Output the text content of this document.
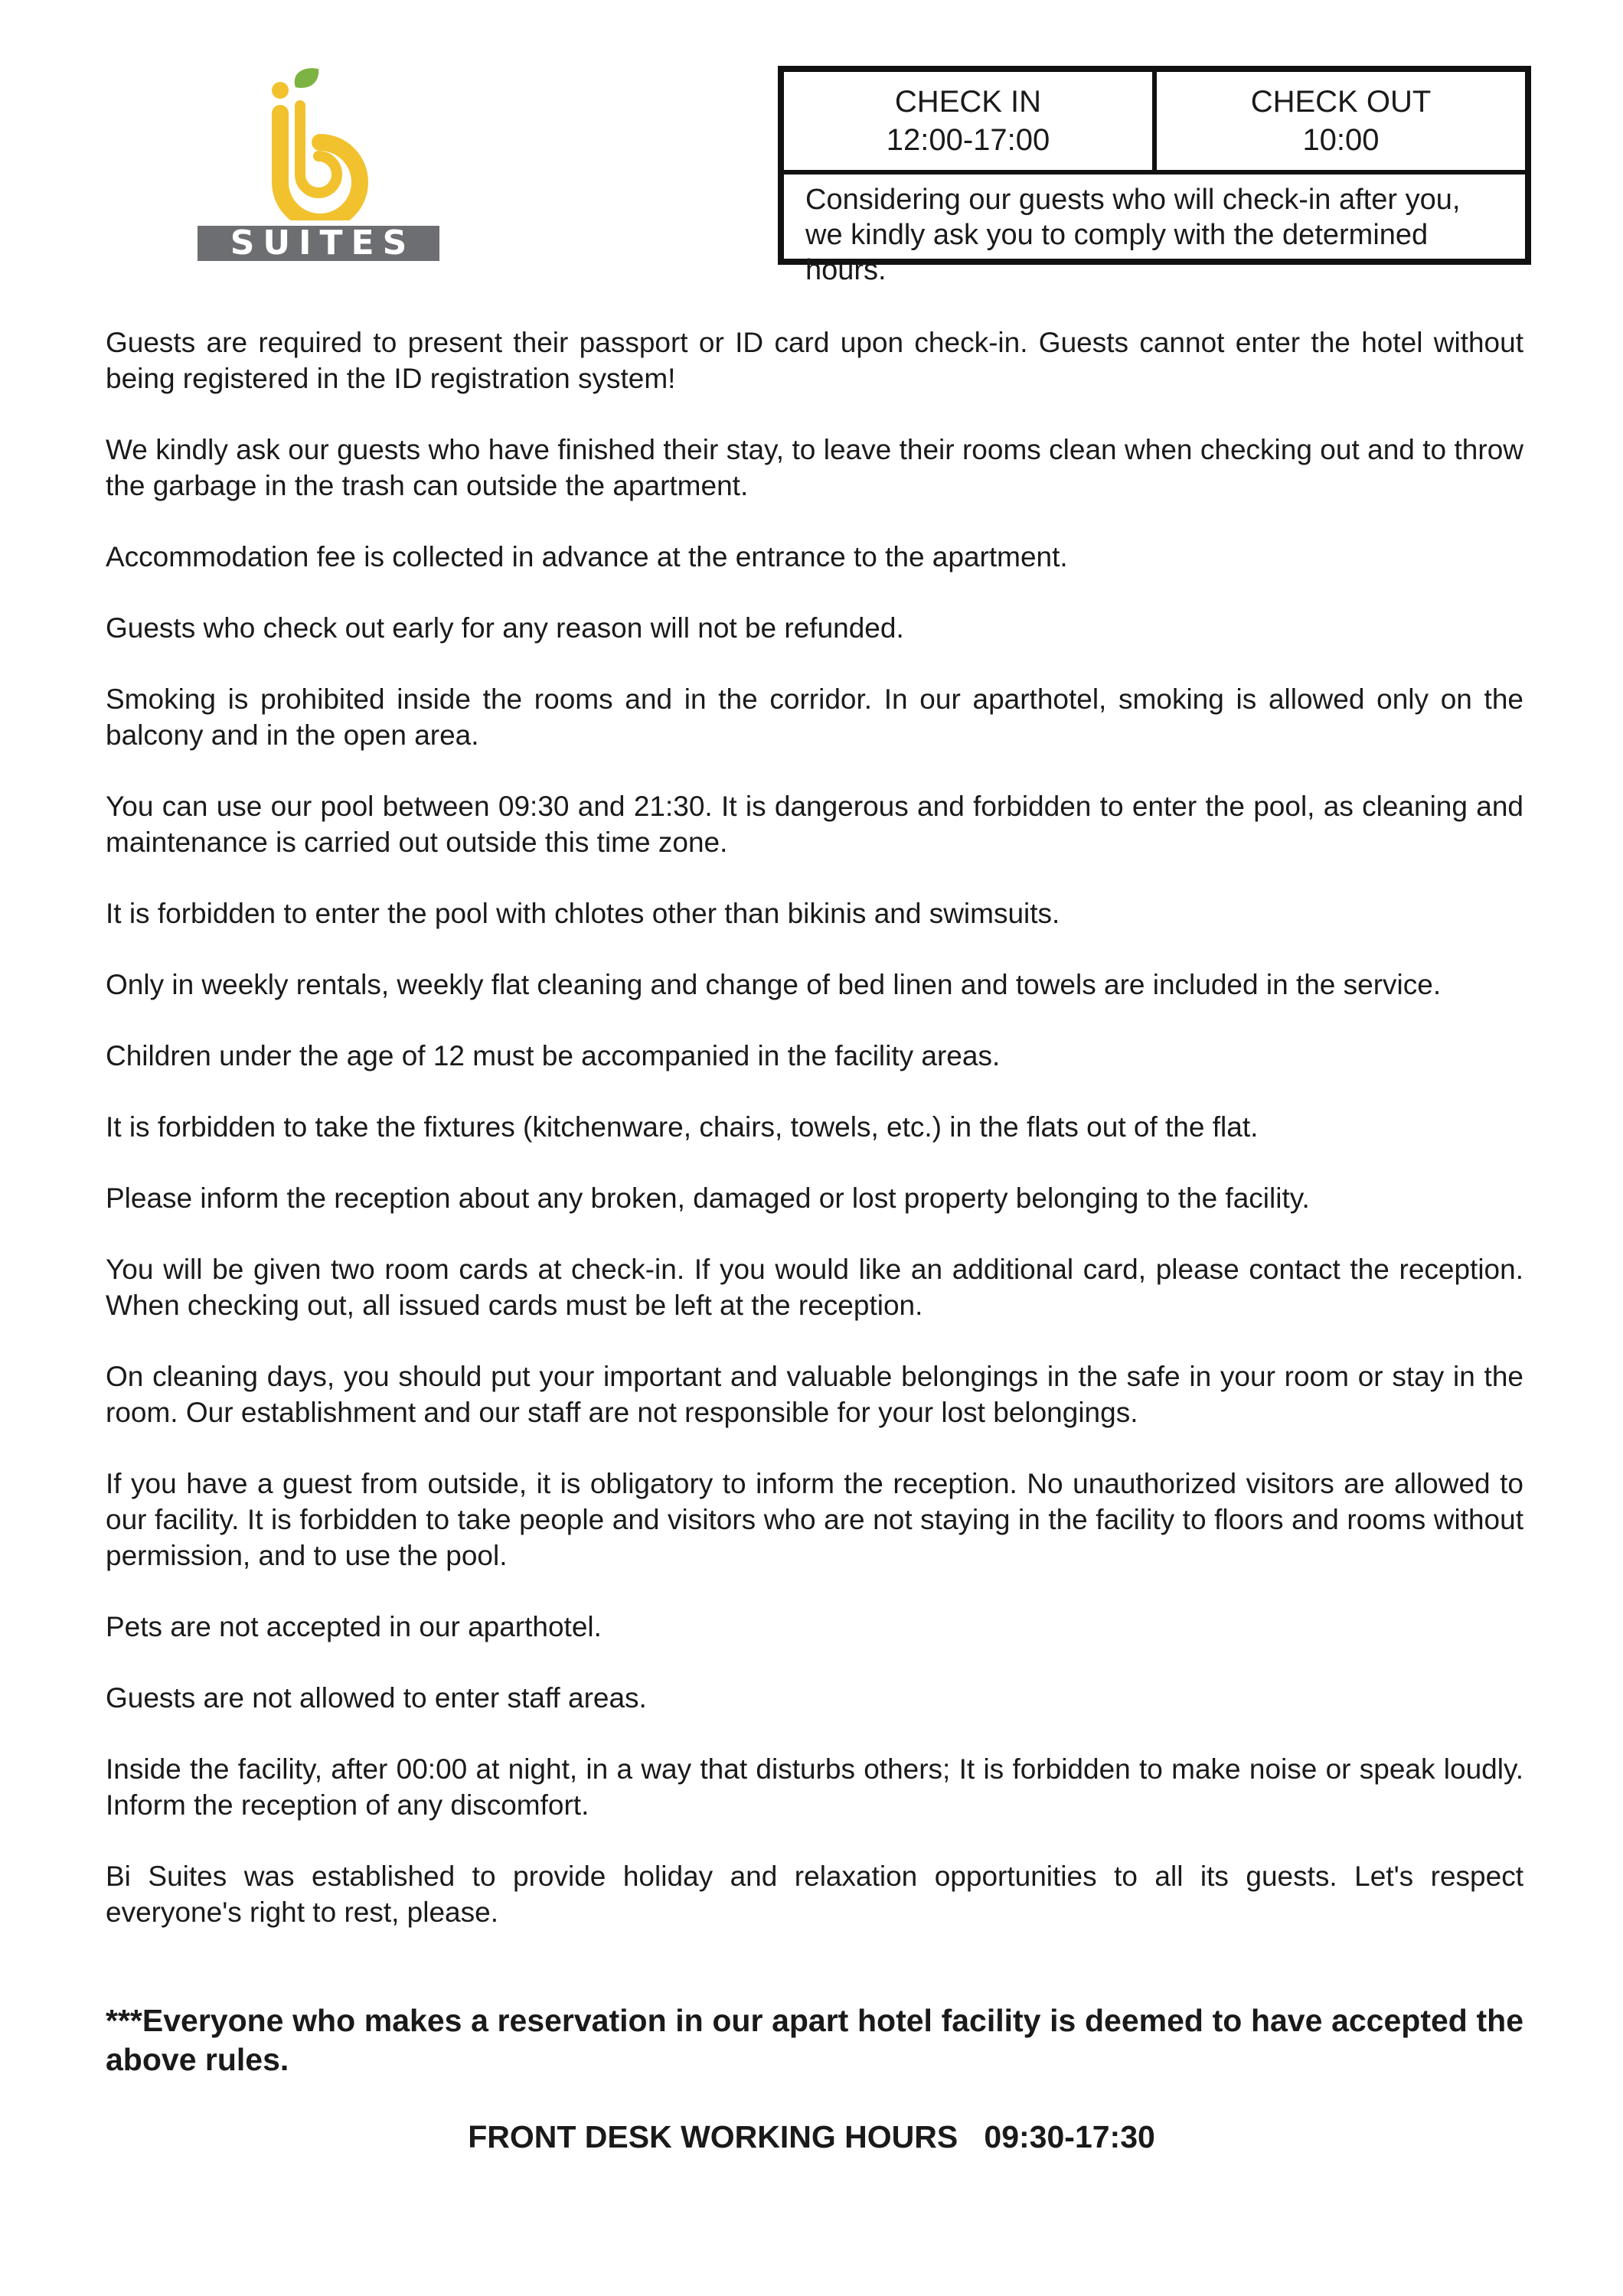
SUITES
CHECK IN
12:00-17:00
CHECK OUT
10:00
Considering our guests who will check-in after you, we kindly ask you to comply with the determined hours.
Guests are required to present their passport or ID card upon check-in. Guests cannot enter the hotel without being registered in the ID registration system!
We kindly ask our guests who have finished their stay, to leave their rooms clean when checking out and to throw the garbage in the trash can outside the apartment.
Accommodation fee is collected in advance at the entrance to the apartment.
Guests who check out early for any reason will not be refunded.
Smoking is prohibited inside the rooms and in the corridor. In our aparthotel, smoking is allowed only on the balcony and in the open area.
You can use our pool between 09:30 and 21:30. It is dangerous and forbidden to enter the pool, as cleaning and maintenance is carried out outside this time zone.
It is forbidden to enter the pool with chlotes other than bikinis and swimsuits.
Only in weekly rentals, weekly flat cleaning and change of bed linen and towels are included in the service.
Children under the age of 12 must be accompanied in the facility areas.
It is forbidden to take the fixtures (kitchenware, chairs, towels, etc.) in the flats out of the flat.
Please inform the reception about any broken, damaged or lost property belonging to the facility.
You will be given two room cards at check-in. If you would like an additional card, please contact the reception. When checking out, all issued cards must be left at the reception.
On cleaning days, you should put your important and valuable belongings in the safe in your room or stay in the room. Our establishment and our staff are not responsible for your lost belongings.
If you have a guest from outside, it is obligatory to inform the reception. No unauthorized visitors are allowed to our facility. It is forbidden to take people and visitors who are not staying in the facility to floors and rooms without permission, and to use the pool.
Pets are not accepted in our aparthotel.
Guests are not allowed to enter staff areas.
Inside the facility, after 00:00 at night, in a way that disturbs others; It is forbidden to make noise or speak loudly. Inform the reception of any discomfort.
Bi Suites was established to provide holiday and relaxation opportunities to all its guests. Let's respect everyone's right to rest, please.

***Everyone who makes a reservation in our apart hotel facility is deemed to have accepted the above rules.

FRONT DESK WORKING HOURS 09:30-17:30
